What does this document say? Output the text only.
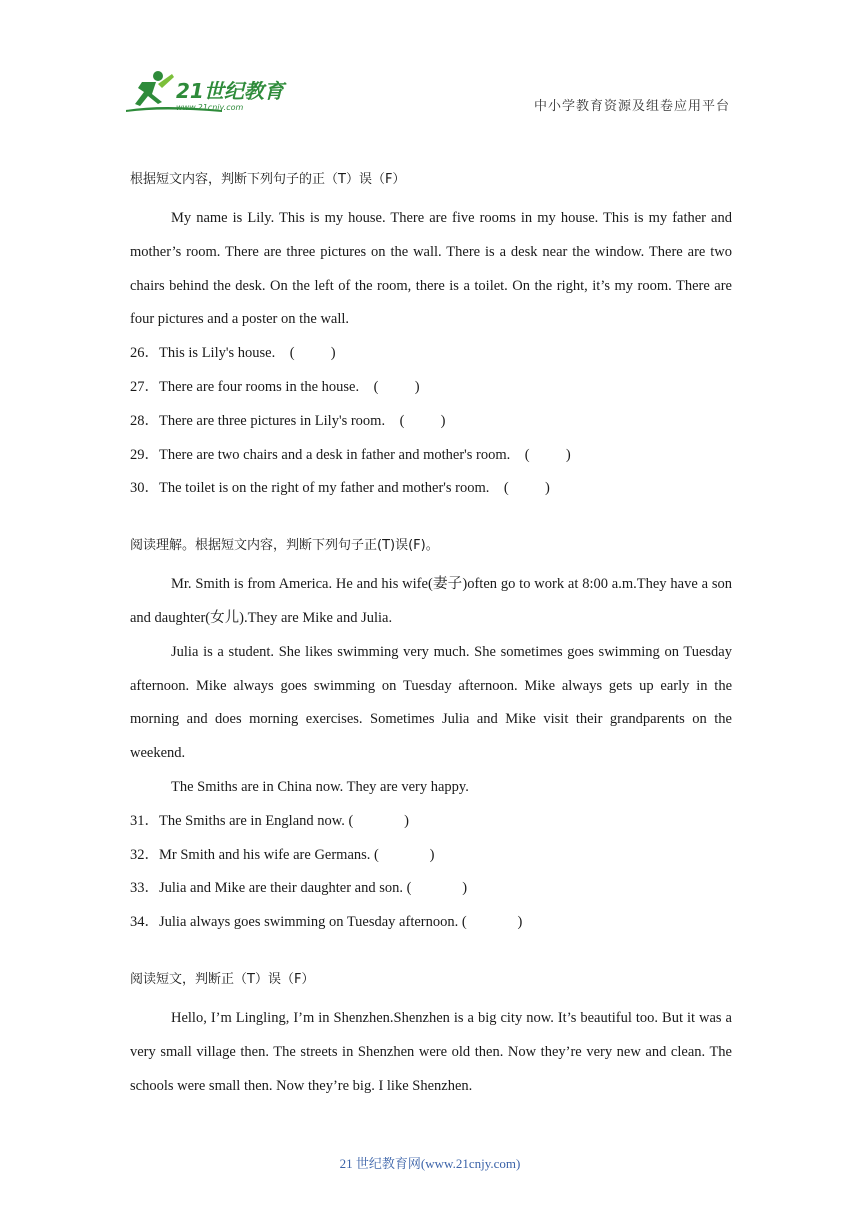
21世纪教育
www.21cnjy.com	中小学教育资源及组卷应用平台
根据短文内容，判断下列句子的正（T）误（F）

My name is Lily. This is my house. There are five rooms in my house. This is my father and mother’s room. There are three pictures on the wall. There is a desk near the window. There are two chairs behind the desk. On the left of the room, there is a toilet. On the right, it’s my room. There are four pictures and a poster on the wall.

26．This is Lily's house.    (          )
27．There are four rooms in the house.    (          )
28．There are three pictures in Lily's room.    (          )
29．There are two chairs and a desk in father and mother's room.    (          )
30．The toilet is on the right of my father and mother's room.    (          )
阅读理解。根据短文内容，判断下列句子正(T)误(F)。

Mr. Smith is from America. He and his wife(妻子)often go to work at 8:00 a.m.They have a son and daughter(女儿).They are Mike and Julia.

Julia is a student. She likes swimming very much. She sometimes goes swimming on Tuesday afternoon. Mike always goes swimming on Tuesday afternoon. Mike always gets up early in the morning and does morning exercises. Sometimes Julia and Mike visit their grandparents on the weekend.

The Smiths are in China now. They are very happy.

31．The Smiths are in England now. (              )
32．Mr Smith and his wife are Germans. (              )
33．Julia and Mike are their daughter and son. (              )
34．Julia always goes swimming on Tuesday afternoon. (              )
阅读短文，判断正（T）误（F）

Hello, I’m Lingling, I’m in Shenzhen.Shenzhen is a big city now. It’s beautiful too. But it was a very small village then. The streets in Shenzhen were old then. Now they’re very new and clean. The schools were small then. Now they’re big. I like Shenzhen.

21 世纪教育网(www.21cnjy.com)
